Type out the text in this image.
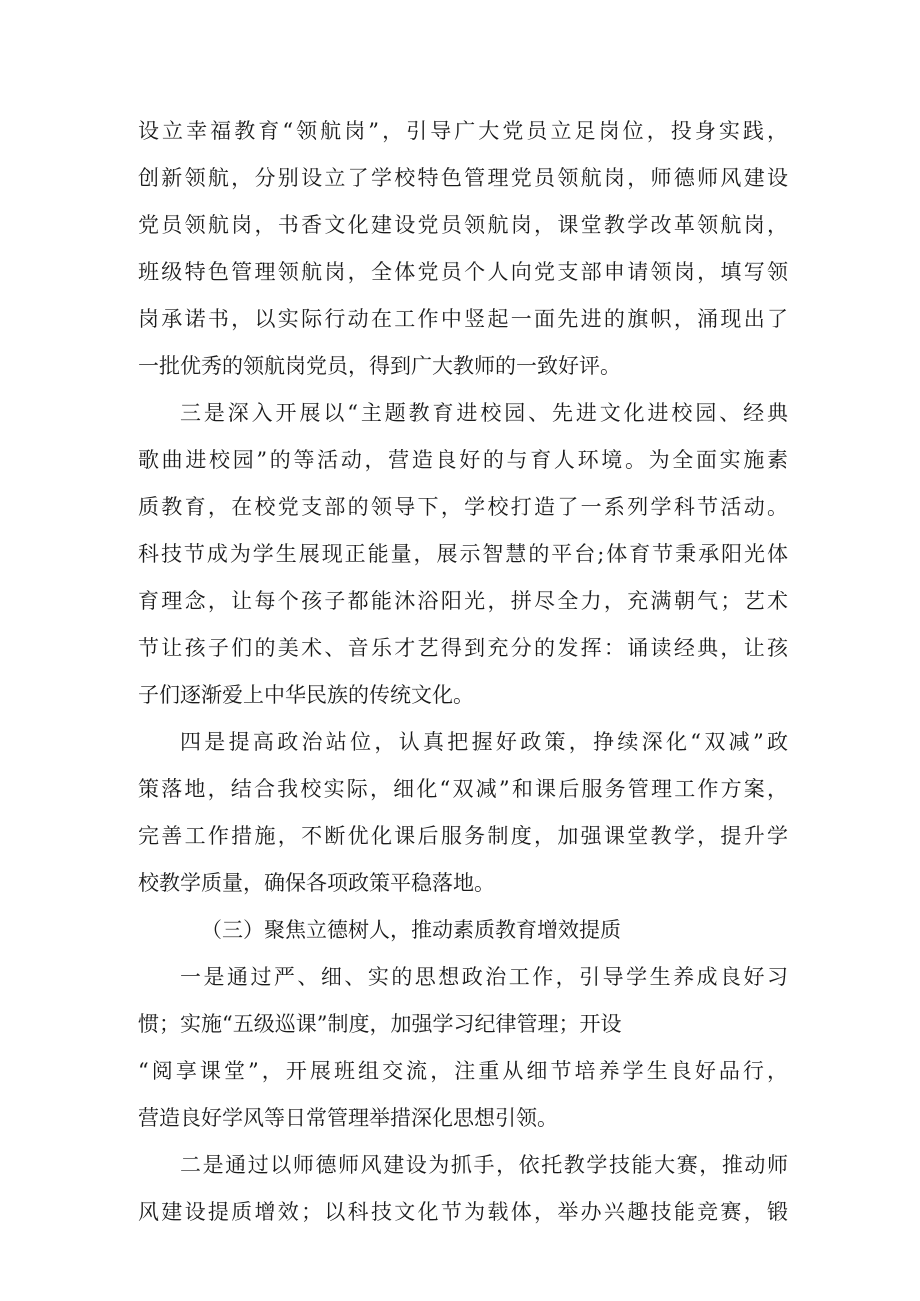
设立幸福教育“领航岗”，引导广大党员立足岗位，投身实践，
创新领航，分别设立了学校特色管理党员领航岗，师德师风建设
党员领航岗，书香文化建设党员领航岗，课堂教学改革领航岗，
班级特色管理领航岗，全体党员个人向党支部申请领岗，填写领
岗承诺书，以实际行动在工作中竖起一面先进的旗帜，涌现出了
一批优秀的领航岗党员，得到广大教师的一致好评。
三是深入开展以“主题教育进校园、先进文化进校园、经典
歌曲进校园”的等活动，营造良好的与育人环境。为全面实施素
质教育，在校党支部的领导下，学校打造了一系列学科节活动。
科技节成为学生展现正能量，展示智慧的平台;体育节秉承阳光体
育理念，让每个孩子都能沐浴阳光，拼尽全力，充满朝气；艺术
节让孩子们的美术、音乐才艺得到充分的发挥：诵读经典，让孩
子们逐渐爱上中华民族的传统文化。
四是提高政治站位，认真把握好政策，挣续深化“双减”政
策落地，结合我校实际，细化“双减”和课后服务管理工作方案，
完善工作措施，不断优化课后服务制度，加强课堂教学，提升学
校教学质量，确保各项政策平稳落地。
（三）聚焦立德树人，推动素质教育增效提质
一是通过严、细、实的思想政治工作，引导学生养成良好习
惯；实施“五级巡课”制度，加强学习纪律管理；开设
“阅享课堂”，开展班组交流，注重从细节培养学生良好品行，
营造良好学风等日常管理举措深化思想引领。
二是通过以师德师风建设为抓手，依托教学技能大赛，推动师
风建设提质增效；以科技文化节为载体，举办兴趣技能竞赛，锻
